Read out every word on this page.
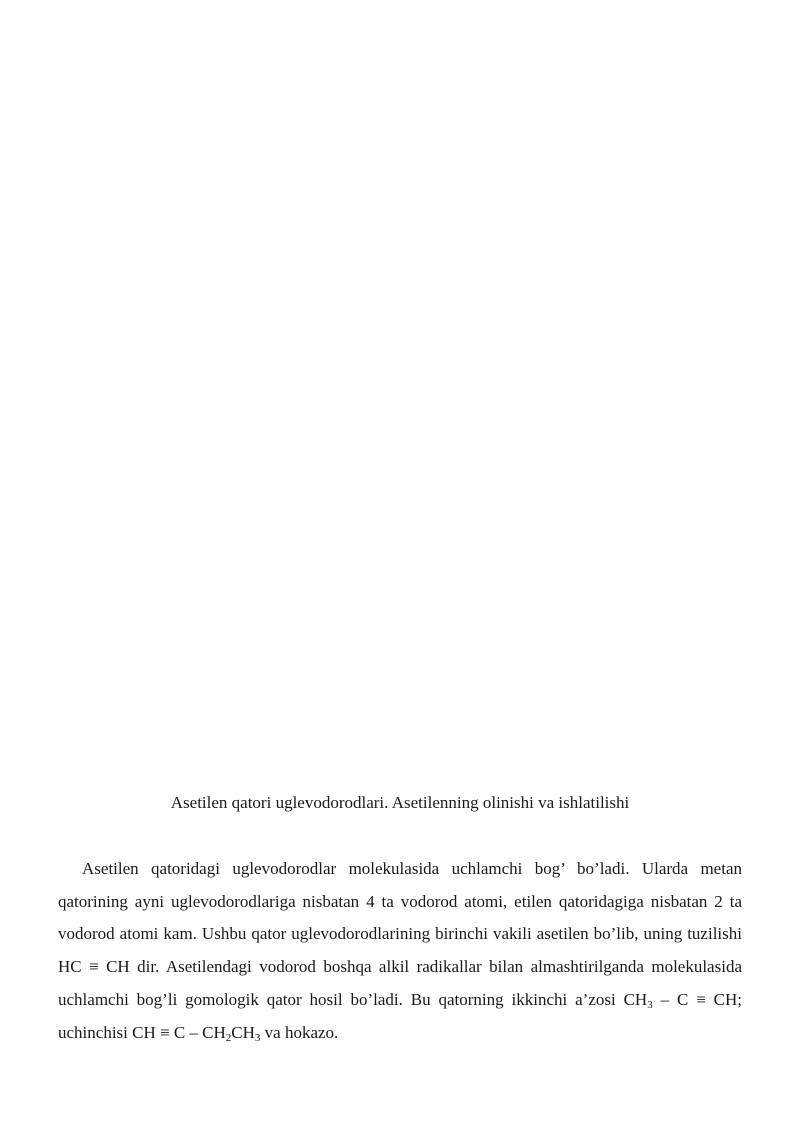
Asetilen qatori uglevodorodlari. Asetilenning olinishi va ishlatilishi

Asetilen qatoridagi uglevodorodlar molekulasida uchlamchi bog’ bo’ladi. Ularda metan qatorining ayni uglevodorodlariga nisbatan 4 ta vodorod atomi, etilen qatoridagiga nisbatan 2 ta vodorod atomi kam. Ushbu qator uglevodorodlarining birinchi vakili asetilen bo’lib, uning tuzilishi HC ≡ CH dir. Asetilendagi vodorod boshqa alkil radikallar bilan almashtirilganda molekulasida uchlamchi bog’li gomologik qator hosil bo’ladi. Bu qatorning ikkinchi a’zosi $CH_3$ – C ≡ CH; uchinchisi CH ≡ C – $CH_2CH_3$ va hokazo.
